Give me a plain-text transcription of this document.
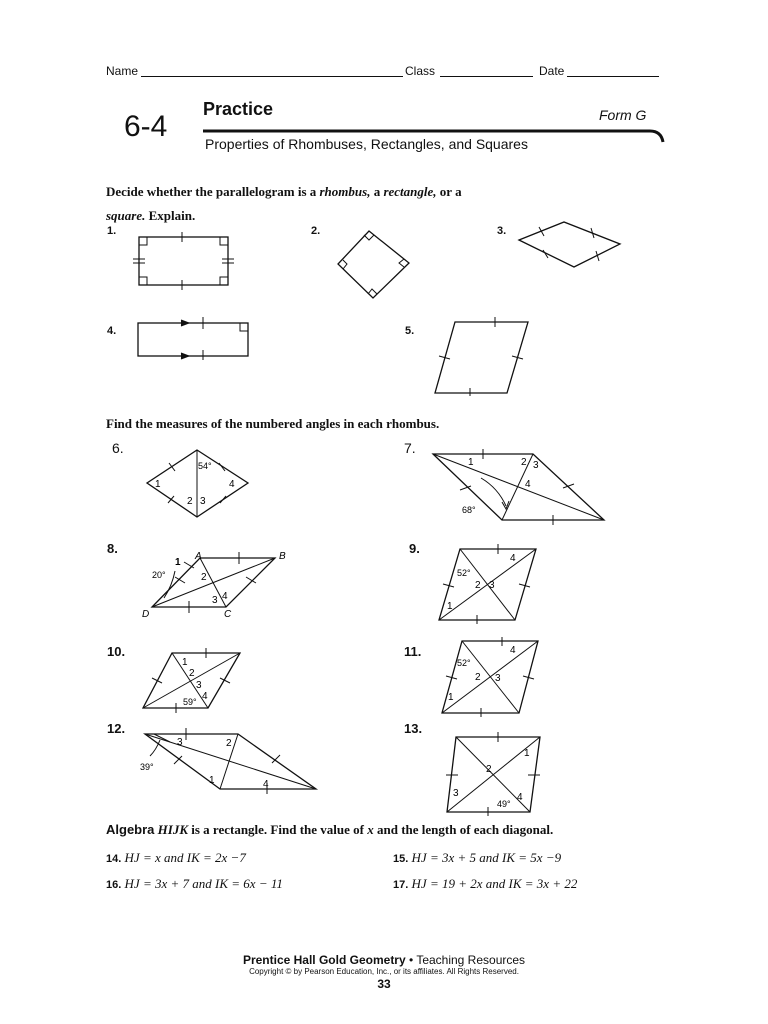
Name	Class	Date
6-4
Practice	Form G
Properties of Rhombuses, Rectangles, and Squares
Decide whether the parallelogram is a rhombus, a rectangle, or a
square. Explain.
1.	2.	3.
4.	5.
Find the measures of the numbered angles in each rhombus.
6.	7.
8.	9.
10.	11.
12.	13.
54°
1
2 3
4
68°
1	2 3
4
A	B
C
D
20°
1
2
3 4
52°
1
2 3
4
1
2
3
4
59°
52°
1
2 3
4
39°
1
2
3
4
1
2
3	4
49°
Algebra HIJK is a rectangle. Find the value of x and the length of each diagonal.
14. HJ = x and IK = 2x −7	15. HJ = 3x + 5 and IK = 5x −9
16. HJ = 3x + 7 and IK = 6x − 11	17. HJ = 19 + 2x and IK = 3x + 22
Prentice Hall Gold Geometry • Teaching Resources
Copyright © by Pearson Education, Inc., or its affiliates. All Rights Reserved.
33
